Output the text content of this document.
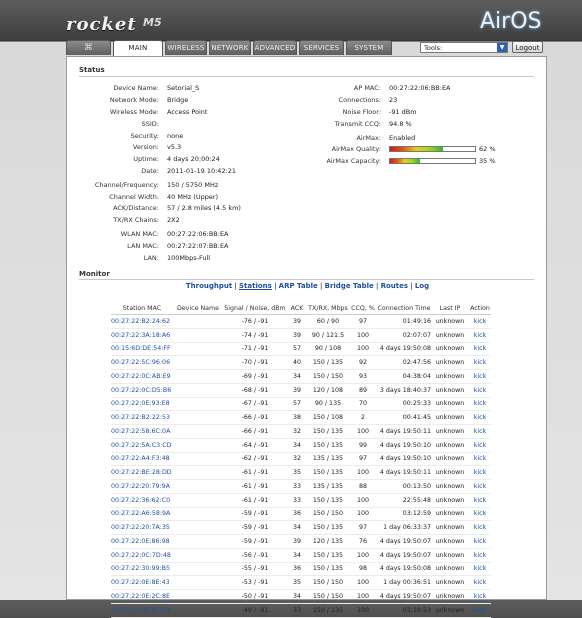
rocket M5	AirOS
⌘	MAIN	WIRELESS NETWORK ADVANCED	SERVICES	SYSTEM	Tools:	▼	Logout
Status
Device Name: Setorial_S
Network Mode: Bridge
Wireless Mode: Access Point
SSID:
Security: none
Version: v5.3
Uptime: 4 days 20:00:24
Date: 2011-01-19 10:42:21
Channel/Frequency: 150 / 5750 MHz
Channel Width: 40 MHz (Upper)
ACK/Distance: 57 / 2.8 miles (4.5 km)
TX/RX Chains: 2X2
WLAN MAC: 00:27:22:06:BB:EA
LAN MAC: 00:27:22:07:BB:EA
LAN: 100Mbps-Full
AP MAC: 00:27:22:06:BB:EA
Connections: 23
Noise Floor: -91 dBm
Transmit CCQ: 94.8 %
AirMax: Enabled
AirMax Quality:	62 %
AirMax Capacity:	35 %
Monitor
Throughput | Stations | ARP Table | Bridge Table | Routes | Log
Station MAC	Device Name	Signal / Noise, dBm	ACK	TX/RX, Mbps	CCQ, %	Connection Time	Last IP	Action
00:27:22:B2:24:62		-76 / -91	39	60 / 90	97	01:49:16	unknown	kick
00:27:22:3A:18:A6		-74 / -91	39	90 / 121.5	100	02:07:07	unknown	kick
00:15:6D:DE:54:FF		-71 / -91	57	90 / 108	100	4 days 19:50:08	unknown	kick
00:27:22:5C:96:06		-70 / -91	40	150 / 135	92	02:47:56	unknown	kick
00:27:22:0C:AB:E9		-69 / -91	34	150 / 150	93	04:38:04	unknown	kick
00:27:22:0C:D5:B6		-68 / -91	39	120 / 108	89	3 days 18:40:37	unknown	kick
00:27:22:0E:93:E8		-67 / -91	57	90 / 135	70	00:25:33	unknown	kick
00:27:22:B2:22:53		-66 / -91	38	150 / 108	2	00:41:45	unknown	kick
00:27:22:58:6C:0A		-66 / -91	32	150 / 135	100	4 days 19:50:11	unknown	kick
00:27:22:5A:C3:CD		-64 / -91	34	150 / 135	99	4 days 19:50:10	unknown	kick
00:27:22:A4:F3:48		-62 / -91	32	135 / 135	97	4 days 19:50:10	unknown	kick
00:27:22:BE:28:DD		-61 / -91	35	150 / 135	100	4 days 19:50:11	unknown	kick
00:27:22:20:79:9A		-61 / -91	33	135 / 135	88	00:13:50	unknown	kick
00:27:22:36:62:C0		-61 / -91	33	150 / 135	100	22:55:48	unknown	kick
00:27:22:A6:58:9A		-59 / -91	36	150 / 150	100	03:12:59	unknown	kick
00:27:22:20:7A:35		-59 / -91	34	150 / 135	97	1 day 06:33:37	unknown	kick
00:27:22:0E:86:98		-59 / -91	39	120 / 135	76	4 days 19:50:07	unknown	kick
00:27:22:0C:7D:48		-56 / -91	34	150 / 135	100	4 days 19:50:07	unknown	kick
00:27:22:30:99:B5		-55 / -91	36	150 / 135	98	4 days 19:50:08	unknown	kick
00:27:22:0E:8E:43		-53 / -91	35	150 / 150	100	1 day 00:36:51	unknown	kick
00:27:22:0E:2C:8E		-50 / -91	34	150 / 150	100	4 days 19:50:07	unknown	kick
00:27:22:0E:97:FB		-49 / -91	33	150 / 135	100	03:10:53	unknown	kick
